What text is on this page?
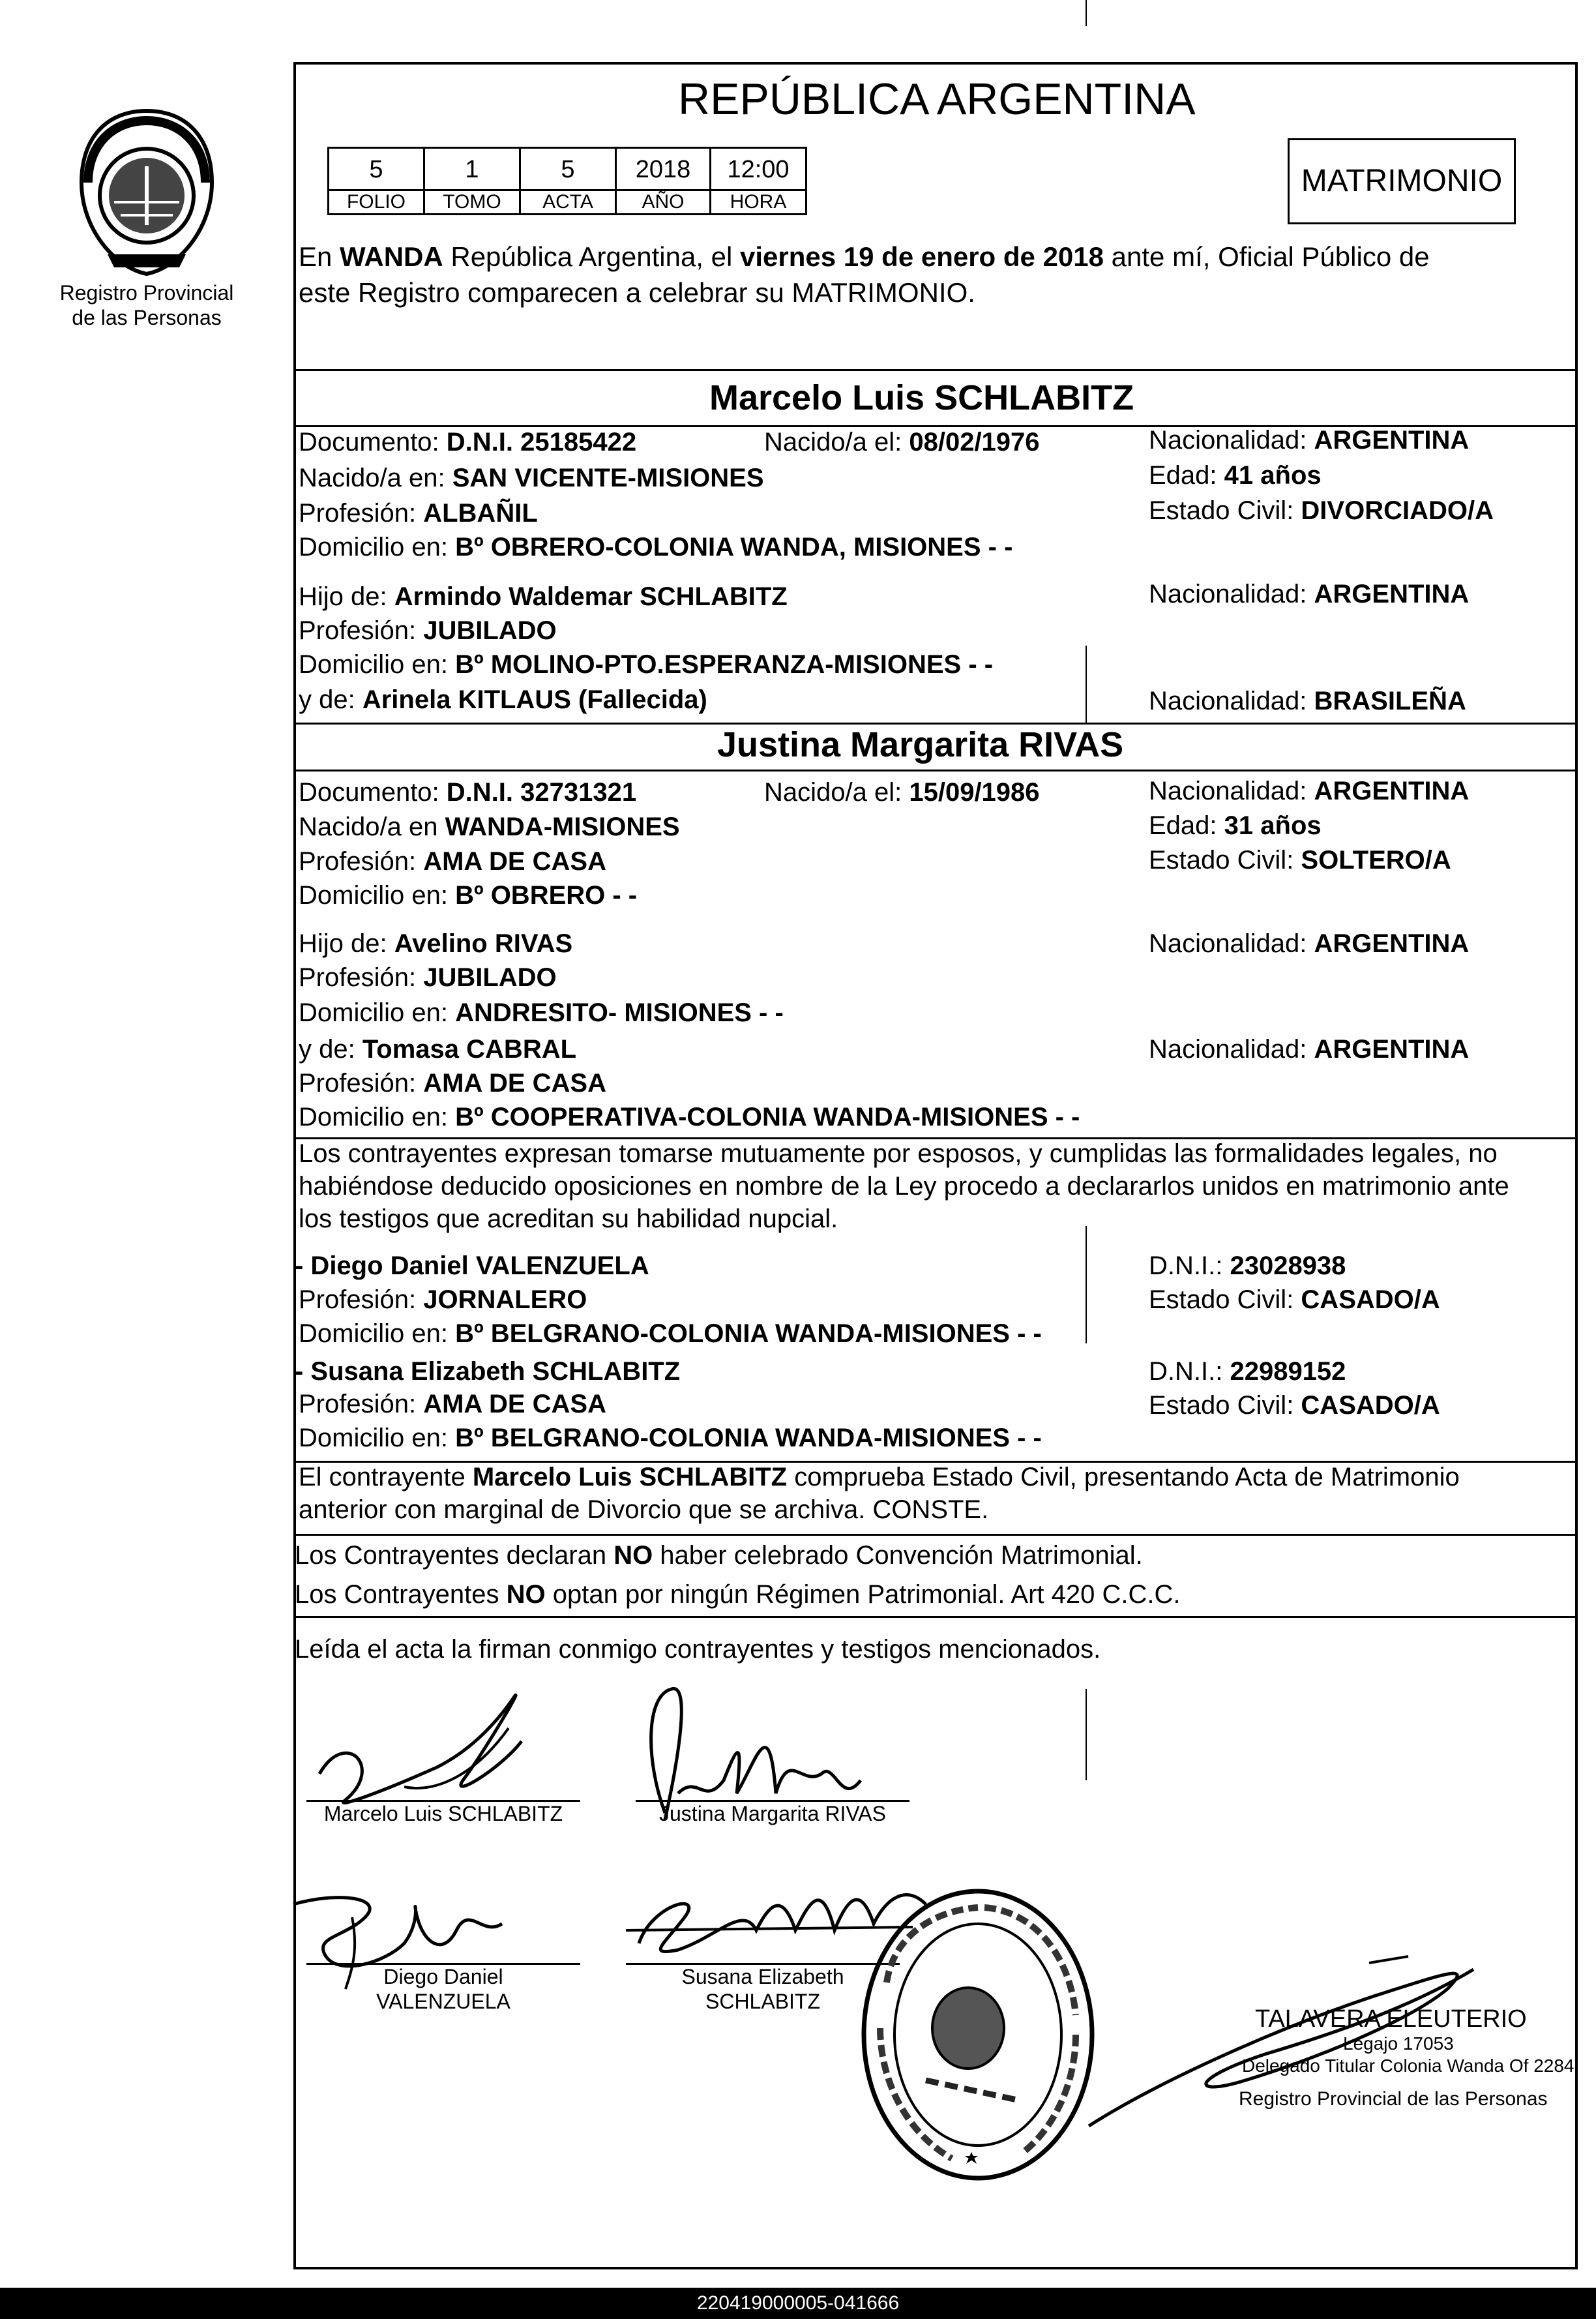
Registro Provincial
de las Personas
REPÚBLICA ARGENTINA
MATRIMONIO
5	1	5	2018	12:00
FOLIO	TOMO	ACTA	AÑO	HORA
En WANDA República Argentina, el viernes 19 de enero de 2018 ante mí, Oficial Público de
este Registro comparecen a celebrar su MATRIMONIO.
Marcelo Luis SCHLABITZ
Documento: D.N.I. 25185422	Nacido/a el: 08/02/1976	Nacionalidad: ARGENTINA
Nacido/a en: SAN VICENTE-MISIONES	Edad: 41 años
Profesión: ALBAÑIL	Estado Civil: DIVORCIADO/A
Domicilio en: Bº OBRERO-COLONIA WANDA, MISIONES - -
Hijo de: Armindo Waldemar SCHLABITZ	Nacionalidad: ARGENTINA
Profesión: JUBILADO
Domicilio en: Bº MOLINO-PTO.ESPERANZA-MISIONES - -
y de: Arinela KITLAUS (Fallecida)	Nacionalidad: BRASILEÑA
Justina Margarita RIVAS
Documento: D.N.I. 32731321	Nacido/a el: 15/09/1986	Nacionalidad: ARGENTINA
Nacido/a en WANDA-MISIONES	Edad: 31 años
Profesión: AMA DE CASA	Estado Civil: SOLTERO/A
Domicilio en: Bº OBRERO - -
Hijo de: Avelino RIVAS	Nacionalidad: ARGENTINA
Profesión: JUBILADO
Domicilio en: ANDRESITO- MISIONES - -
y de: Tomasa CABRAL	Nacionalidad: ARGENTINA
Profesión: AMA DE CASA
Domicilio en: Bº COOPERATIVA-COLONIA WANDA-MISIONES - -
Los contrayentes expresan tomarse mutuamente por esposos, y cumplidas las formalidades legales, no
habiéndose deducido oposiciones en nombre de la Ley procedo a declararlos unidos en matrimonio ante
los testigos que acreditan su habilidad nupcial.
- Diego Daniel VALENZUELA	D.N.I.: 23028938
Profesión: JORNALERO	Estado Civil: CASADO/A
Domicilio en: Bº BELGRANO-COLONIA WANDA-MISIONES - -
- Susana Elizabeth SCHLABITZ	D.N.I.: 22989152
Profesión: AMA DE CASA	Estado Civil: CASADO/A
Domicilio en: Bº BELGRANO-COLONIA WANDA-MISIONES - -
El contrayente Marcelo Luis SCHLABITZ comprueba Estado Civil, presentando Acta de Matrimonio
anterior con marginal de Divorcio que se archiva. CONSTE.
Los Contrayentes declaran NO haber celebrado Convención Matrimonial.
Los Contrayentes NO optan por ningún Régimen Patrimonial. Art 420 C.C.C.
Leída el acta la firman conmigo contrayentes y testigos mencionados.
Marcelo Luis SCHLABITZ	Justina Margarita RIVAS
Diego Daniel
VALENZUELA
Susana Elizabeth
SCHLABITZ
TALAVERA ELEUTERIO
Legajo 17053
Delegado Titular Colonia Wanda Of 2284
Registro Provincial de las Personas
220419000005-041666
